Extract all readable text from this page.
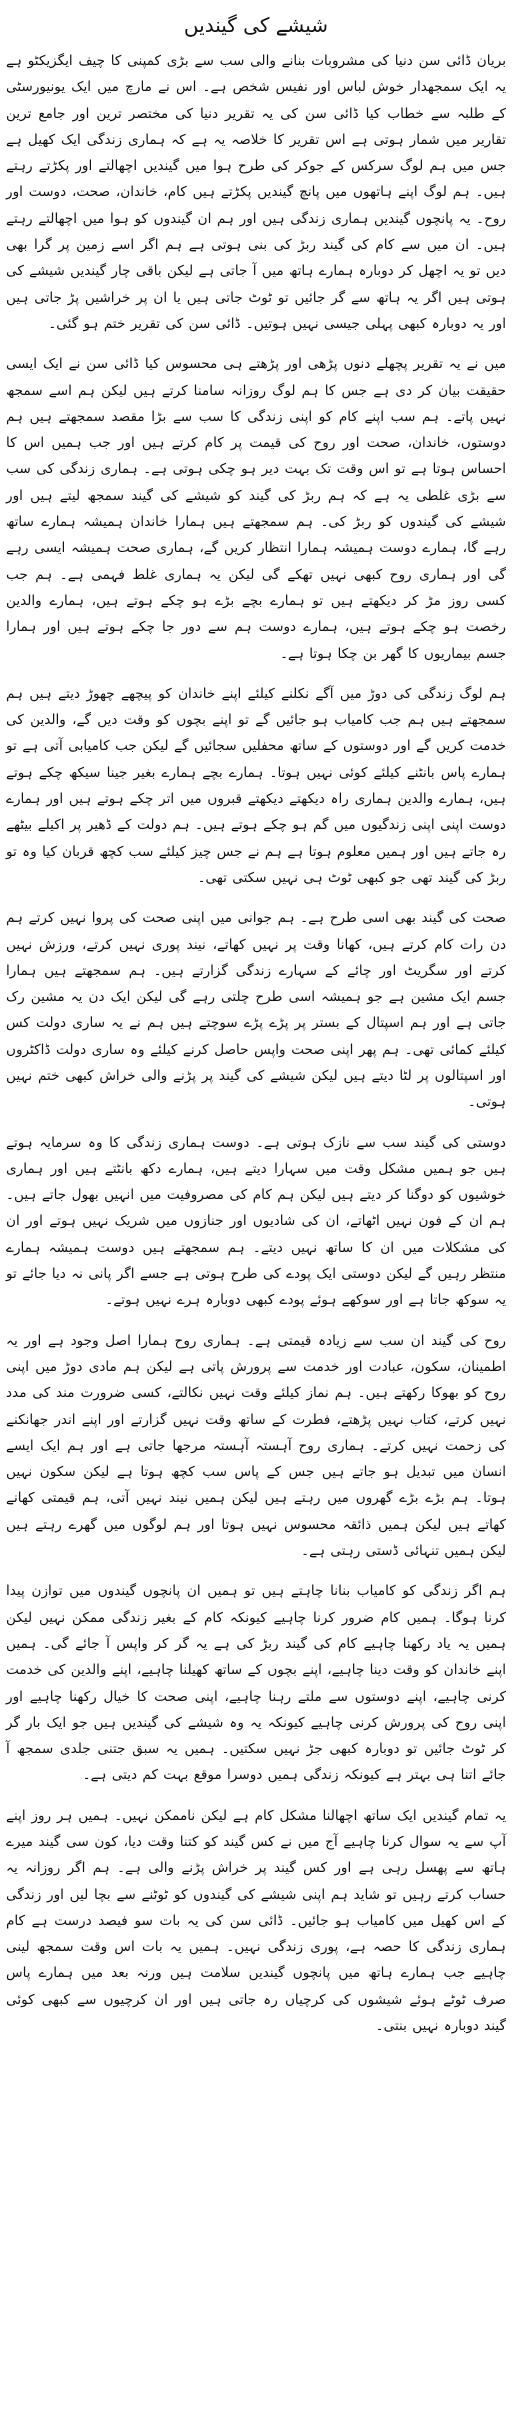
شیشے کی گیندیں

بریان ڈائی سن دنیا کی مشروبات بنانے والی سب سے بڑی کمپنی کا چیف ایگزیکٹو ہے یہ ایک سمجھدار خوش لباس اور نفیس شخص ہے۔ اس نے مارچ میں ایک یونیورسٹی کے طلبہ سے خطاب کیا ڈائی سن کی یہ تقریر دنیا کی مختصر ترین اور جامع ترین تقاریر میں شمار ہوتی ہے اس تقریر کا خلاصہ یہ ہے کہ ہماری زندگی ایک کھیل ہے جس میں ہم لوگ سرکس کے جوکر کی طرح ہوا میں گیندیں اچھالتے اور پکڑتے رہتے ہیں۔ ہم لوگ اپنے ہاتھوں میں پانچ گیندیں پکڑتے ہیں کام، خاندان، صحت، دوست اور روح۔ یہ پانچوں گیندیں ہماری زندگی ہیں اور ہم ان گیندوں کو ہوا میں اچھالتے رہتے ہیں۔ ان میں سے کام کی گیند ربڑ کی بنی ہوتی ہے ہم اگر اسے زمین پر گرا بھی دیں تو یہ اچھل کر دوبارہ ہمارے ہاتھ میں آ جاتی ہے لیکن باقی چار گیندیں شیشے کی ہوتی ہیں اگر یہ ہاتھ سے گر جائیں تو ٹوٹ جاتی ہیں یا ان پر خراشیں پڑ جاتی ہیں اور یہ دوبارہ کبھی پہلی جیسی نہیں ہوتیں۔ ڈائی سن کی تقریر ختم ہو گئی۔

میں نے یہ تقریر پچھلے دنوں پڑھی اور پڑھتے ہی محسوس کیا ڈائی سن نے ایک ایسی حقیقت بیان کر دی ہے جس کا ہم لوگ روزانہ سامنا کرتے ہیں لیکن ہم اسے سمجھ نہیں پاتے۔ ہم سب اپنے کام کو اپنی زندگی کا سب سے بڑا مقصد سمجھتے ہیں ہم دوستوں، خاندان، صحت اور روح کی قیمت پر کام کرتے ہیں اور جب ہمیں اس کا احساس ہوتا ہے تو اس وقت تک بہت دیر ہو چکی ہوتی ہے۔ ہماری زندگی کی سب سے بڑی غلطی یہ ہے کہ ہم ربڑ کی گیند کو شیشے کی گیند سمجھ لیتے ہیں اور شیشے کی گیندوں کو ربڑ کی۔ ہم سمجھتے ہیں ہمارا خاندان ہمیشہ ہمارے ساتھ رہے گا، ہمارے دوست ہمیشہ ہمارا انتظار کریں گے، ہماری صحت ہمیشہ ایسی رہے گی اور ہماری روح کبھی نہیں تھکے گی لیکن یہ ہماری غلط فہمی ہے۔ ہم جب کسی روز مڑ کر دیکھتے ہیں تو ہمارے بچے بڑے ہو چکے ہوتے ہیں، ہمارے والدین رخصت ہو چکے ہوتے ہیں، ہمارے دوست ہم سے دور جا چکے ہوتے ہیں اور ہمارا جسم بیماریوں کا گھر بن چکا ہوتا ہے۔

ہم لوگ زندگی کی دوڑ میں آگے نکلنے کیلئے اپنے خاندان کو پیچھے چھوڑ دیتے ہیں ہم سمجھتے ہیں ہم جب کامیاب ہو جائیں گے تو اپنے بچوں کو وقت دیں گے، والدین کی خدمت کریں گے اور دوستوں کے ساتھ محفلیں سجائیں گے لیکن جب کامیابی آتی ہے تو ہمارے پاس بانٹنے کیلئے کوئی نہیں ہوتا۔ ہمارے بچے ہمارے بغیر جینا سیکھ چکے ہوتے ہیں، ہمارے والدین ہماری راہ دیکھتے دیکھتے قبروں میں اتر چکے ہوتے ہیں اور ہمارے دوست اپنی اپنی زندگیوں میں گم ہو چکے ہوتے ہیں۔ ہم دولت کے ڈھیر پر اکیلے بیٹھے رہ جاتے ہیں اور ہمیں معلوم ہوتا ہے ہم نے جس چیز کیلئے سب کچھ قربان کیا وہ تو ربڑ کی گیند تھی جو کبھی ٹوٹ ہی نہیں سکتی تھی۔

صحت کی گیند بھی اسی طرح ہے۔ ہم جوانی میں اپنی صحت کی پروا نہیں کرتے ہم دن رات کام کرتے ہیں، کھانا وقت پر نہیں کھاتے، نیند پوری نہیں کرتے، ورزش نہیں کرتے اور سگریٹ اور چائے کے سہارے زندگی گزارتے ہیں۔ ہم سمجھتے ہیں ہمارا جسم ایک مشین ہے جو ہمیشہ اسی طرح چلتی رہے گی لیکن ایک دن یہ مشین رک جاتی ہے اور ہم اسپتال کے بستر پر پڑے پڑے سوچتے ہیں ہم نے یہ ساری دولت کس کیلئے کمائی تھی۔ ہم پھر اپنی صحت واپس حاصل کرنے کیلئے وہ ساری دولت ڈاکٹروں اور اسپتالوں پر لٹا دیتے ہیں لیکن شیشے کی گیند پر پڑنے والی خراش کبھی ختم نہیں ہوتی۔

دوستی کی گیند سب سے نازک ہوتی ہے۔ دوست ہماری زندگی کا وہ سرمایہ ہوتے ہیں جو ہمیں مشکل وقت میں سہارا دیتے ہیں، ہمارے دکھ بانٹتے ہیں اور ہماری خوشیوں کو دوگنا کر دیتے ہیں لیکن ہم کام کی مصروفیت میں انہیں بھول جاتے ہیں۔ ہم ان کے فون نہیں اٹھاتے، ان کی شادیوں اور جنازوں میں شریک نہیں ہوتے اور ان کی مشکلات میں ان کا ساتھ نہیں دیتے۔ ہم سمجھتے ہیں دوست ہمیشہ ہمارے منتظر رہیں گے لیکن دوستی ایک پودے کی طرح ہوتی ہے جسے اگر پانی نہ دیا جائے تو یہ سوکھ جاتا ہے اور سوکھے ہوئے پودے کبھی دوبارہ ہرے نہیں ہوتے۔

روح کی گیند ان سب سے زیادہ قیمتی ہے۔ ہماری روح ہمارا اصل وجود ہے اور یہ اطمینان، سکون، عبادت اور خدمت سے پرورش پاتی ہے لیکن ہم مادی دوڑ میں اپنی روح کو بھوکا رکھتے ہیں۔ ہم نماز کیلئے وقت نہیں نکالتے، کسی ضرورت مند کی مدد نہیں کرتے، کتاب نہیں پڑھتے، فطرت کے ساتھ وقت نہیں گزارتے اور اپنے اندر جھانکنے کی زحمت نہیں کرتے۔ ہماری روح آہستہ آہستہ مرجھا جاتی ہے اور ہم ایک ایسے انسان میں تبدیل ہو جاتے ہیں جس کے پاس سب کچھ ہوتا ہے لیکن سکون نہیں ہوتا۔ ہم بڑے بڑے گھروں میں رہتے ہیں لیکن ہمیں نیند نہیں آتی، ہم قیمتی کھانے کھاتے ہیں لیکن ہمیں ذائقہ محسوس نہیں ہوتا اور ہم لوگوں میں گھرے رہتے ہیں لیکن ہمیں تنہائی ڈستی رہتی ہے۔

ہم اگر زندگی کو کامیاب بنانا چاہتے ہیں تو ہمیں ان پانچوں گیندوں میں توازن پیدا کرنا ہوگا۔ ہمیں کام ضرور کرنا چاہیے کیونکہ کام کے بغیر زندگی ممکن نہیں لیکن ہمیں یہ یاد رکھنا چاہیے کام کی گیند ربڑ کی ہے یہ گر کر واپس آ جائے گی۔ ہمیں اپنے خاندان کو وقت دینا چاہیے، اپنے بچوں کے ساتھ کھیلنا چاہیے، اپنے والدین کی خدمت کرنی چاہیے، اپنے دوستوں سے ملتے رہنا چاہیے، اپنی صحت کا خیال رکھنا چاہیے اور اپنی روح کی پرورش کرنی چاہیے کیونکہ یہ وہ شیشے کی گیندیں ہیں جو ایک بار گر کر ٹوٹ جائیں تو دوبارہ کبھی جڑ نہیں سکتیں۔ ہمیں یہ سبق جتنی جلدی سمجھ آ جائے اتنا ہی بہتر ہے کیونکہ زندگی ہمیں دوسرا موقع بہت کم دیتی ہے۔

یہ تمام گیندیں ایک ساتھ اچھالنا مشکل کام ہے لیکن ناممکن نہیں۔ ہمیں ہر روز اپنے آپ سے یہ سوال کرنا چاہیے آج میں نے کس گیند کو کتنا وقت دیا، کون سی گیند میرے ہاتھ سے پھسل رہی ہے اور کس گیند پر خراش پڑنے والی ہے۔ ہم اگر روزانہ یہ حساب کرتے رہیں تو شاید ہم اپنی شیشے کی گیندوں کو ٹوٹنے سے بچا لیں اور زندگی کے اس کھیل میں کامیاب ہو جائیں۔ ڈائی سن کی یہ بات سو فیصد درست ہے کام ہماری زندگی کا حصہ ہے، پوری زندگی نہیں۔ ہمیں یہ بات اس وقت سمجھ لینی چاہیے جب ہمارے ہاتھ میں پانچوں گیندیں سلامت ہیں ورنہ بعد میں ہمارے پاس صرف ٹوٹے ہوئے شیشوں کی کرچیاں رہ جاتی ہیں اور ان کرچیوں سے کبھی کوئی گیند دوبارہ نہیں بنتی۔
